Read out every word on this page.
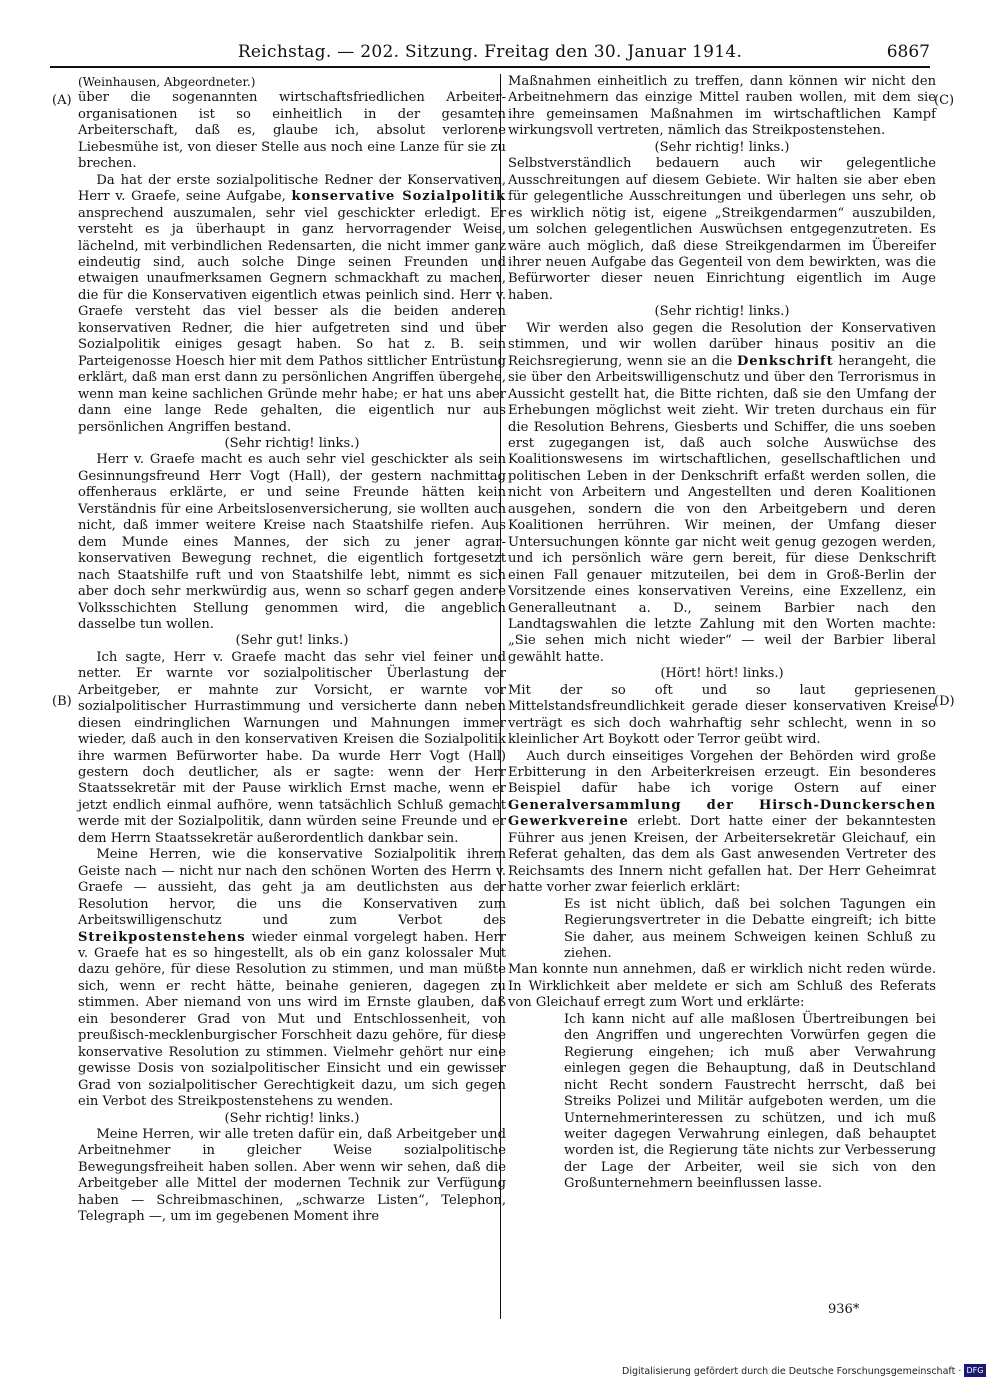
Reichstag. — 202. Sitzung. Freitag den 30. Januar 1914.	6867
(A)
(B)
(C)
(D)

(Weinhausen, Abgeordneter.)

über die sogenannten wirtschaftsfriedlichen Arbeiter-organisationen ist so einheitlich in der gesamten Arbeiterschaft, daß es, glaube ich, absolut verlorene Liebesmühe ist, von dieser Stelle aus noch eine Lanze für sie zu brechen.

Da hat der erste sozialpolitische Redner der Konservativen, Herr v. Graefe, seine Aufgabe, konservative Sozialpolitik ansprechend auszumalen, sehr viel geschickter erledigt. Er versteht es ja überhaupt in ganz hervorragender Weise, lächelnd, mit verbindlichen Redensarten, die nicht immer ganz eindeutig sind, auch solche Dinge seinen Freunden und etwaigen unaufmerksamen Gegnern schmackhaft zu machen, die für die Konservativen eigentlich etwas peinlich sind. Herr v. Graefe versteht das viel besser als die beiden anderen konservativen Redner, die hier aufgetreten sind und über Sozialpolitik einiges gesagt haben. So hat z. B. sein Parteigenosse Hoesch hier mit dem Pathos sittlicher Entrüstung erklärt, daß man erst dann zu persönlichen Angriffen übergehe, wenn man keine sachlichen Gründe mehr habe; er hat uns aber dann eine lange Rede gehalten, die eigentlich nur aus persönlichen Angriffen bestand.

(Sehr richtig! links.)

Herr v. Graefe macht es auch sehr viel geschickter als sein Gesinnungsfreund Herr Vogt (Hall), der gestern nachmittag offenheraus erklärte, er und seine Freunde hätten kein Verständnis für eine Arbeitslosenversicherung, sie wollten auch nicht, daß immer weitere Kreise nach Staatshilfe riefen. Aus dem Munde eines Mannes, der sich zu jener agrar-konservativen Bewegung rechnet, die eigentlich fortgesetzt nach Staatshilfe ruft und von Staatshilfe lebt, nimmt es sich aber doch sehr merkwürdig aus, wenn so scharf gegen andere Volksschichten Stellung genommen wird, die angeblich dasselbe tun wollen.

(Sehr gut! links.)

Ich sagte, Herr v. Graefe macht das sehr viel feiner und netter. Er warnte vor sozialpolitischer Überlastung der Arbeitgeber, er mahnte zur Vorsicht, er warnte vor sozialpolitischer Hurrastimmung und versicherte dann neben diesen eindringlichen Warnungen und Mahnungen immer wieder, daß auch in den konservativen Kreisen die Sozialpolitik ihre warmen Befürworter habe. Da wurde Herr Vogt (Hall) gestern doch deutlicher, als er sagte: wenn der Herr Staatssekretär mit der Pause wirklich Ernst mache, wenn er jetzt endlich einmal aufhöre, wenn tatsächlich Schluß gemacht werde mit der Sozialpolitik, dann würden seine Freunde und er dem Herrn Staatssekretär außerordentlich dankbar sein.

Meine Herren, wie die konservative Sozialpolitik ihrem Geiste nach — nicht nur nach den schönen Worten des Herrn v. Graefe — aussieht, das geht ja am deutlichsten aus der Resolution hervor, die uns die Konservativen zum Arbeitswilligenschutz und zum Verbot des Streikpostenstehens wieder einmal vorgelegt haben. Herr v. Graefe hat es so hingestellt, als ob ein ganz kolossaler Mut dazu gehöre, für diese Resolution zu stimmen, und man müßte sich, wenn er recht hätte, beinahe genieren, dagegen zu stimmen. Aber niemand von uns wird im Ernste glauben, daß ein besonderer Grad von Mut und Entschlossenheit, von preußisch-mecklenburgischer Forschheit dazu gehöre, für diese konservative Resolution zu stimmen. Vielmehr gehört nur eine gewisse Dosis von sozialpolitischer Einsicht und ein gewisser Grad von sozialpolitischer Gerechtigkeit dazu, um sich gegen ein Verbot des Streikpostenstehens zu wenden.

(Sehr richtig! links.)

Meine Herren, wir alle treten dafür ein, daß Arbeitgeber und Arbeitnehmer in gleicher Weise sozialpolitische Bewegungsfreiheit haben sollen. Aber wenn wir sehen, daß die Arbeitgeber alle Mittel der modernen Technik zur Verfügung haben — Schreibmaschinen, „schwarze Listen“, Telephon, Telegraph —, um im gegebenen Moment ihre

Maßnahmen einheitlich zu treffen, dann können wir nicht den Arbeitnehmern das einzige Mittel rauben wollen, mit dem sie ihre gemeinsamen Maßnahmen im wirtschaftlichen Kampf wirkungsvoll vertreten, nämlich das Streikpostenstehen.

(Sehr richtig! links.)

Selbstverständlich bedauern auch wir gelegentliche Ausschreitungen auf diesem Gebiete. Wir halten sie aber eben für gelegentliche Ausschreitungen und überlegen uns sehr, ob es wirklich nötig ist, eigene „Streikgendarmen“ auszubilden, um solchen gelegentlichen Auswüchsen entgegenzutreten. Es wäre auch möglich, daß diese Streikgendarmen im Übereifer ihrer neuen Aufgabe das Gegenteil von dem bewirkten, was die Befürworter dieser neuen Einrichtung eigentlich im Auge haben.

(Sehr richtig! links.)

Wir werden also gegen die Resolution der Konservativen stimmen, und wir wollen darüber hinaus positiv an die Reichsregierung, wenn sie an die Denkschrift herangeht, die sie über den Arbeitswilligenschutz und über den Terrorismus in Aussicht gestellt hat, die Bitte richten, daß sie den Umfang der Erhebungen möglichst weit zieht. Wir treten durchaus ein für die Resolution Behrens, Giesberts und Schiffer, die uns soeben erst zugegangen ist, daß auch solche Auswüchse des Koalitionswesens im wirtschaftlichen, gesellschaftlichen und politischen Leben in der Denkschrift erfaßt werden sollen, die nicht von Arbeitern und Angestellten und deren Koalitionen ausgehen, sondern die von den Arbeitgebern und deren Koalitionen herrühren. Wir meinen, der Umfang dieser Untersuchungen könnte gar nicht weit genug gezogen werden, und ich persönlich wäre gern bereit, für diese Denkschrift einen Fall genauer mitzuteilen, bei dem in Groß-Berlin der Vorsitzende eines konservativen Vereins, eine Exzellenz, ein Generalleutnant a. D., seinem Barbier nach den Landtagswahlen die letzte Zahlung mit den Worten machte: „Sie sehen mich nicht wieder“ — weil der Barbier liberal gewählt hatte.

(Hört! hört! links.)

Mit der so oft und so laut gepriesenen Mittelstandsfreundlichkeit gerade dieser konservativen Kreise verträgt es sich doch wahrhaftig sehr schlecht, wenn in so kleinlicher Art Boykott oder Terror geübt wird.

Auch durch einseitiges Vorgehen der Behörden wird große Erbitterung in den Arbeiterkreisen erzeugt. Ein besonderes Beispiel dafür habe ich vorige Ostern auf einer Generalversammlung der Hirsch-Dunckerschen Gewerkvereine erlebt. Dort hatte einer der bekanntesten Führer aus jenen Kreisen, der Arbeitersekretär Gleichauf, ein Referat gehalten, das dem als Gast anwesenden Vertreter des Reichsamts des Innern nicht gefallen hat. Der Herr Geheimrat hatte vorher zwar feierlich erklärt:

Es ist nicht üblich, daß bei solchen Tagungen ein Regierungsvertreter in die Debatte eingreift; ich bitte Sie daher, aus meinem Schweigen keinen Schluß zu ziehen.

Man konnte nun annehmen, daß er wirklich nicht reden würde. In Wirklichkeit aber meldete er sich am Schluß des Referats von Gleichauf erregt zum Wort und erklärte:

Ich kann nicht auf alle maßlosen Übertreibungen bei den Angriffen und ungerechten Vorwürfen gegen die Regierung eingehen; ich muß aber Verwahrung einlegen gegen die Behauptung, daß in Deutschland nicht Recht sondern Faustrecht herrscht, daß bei Streiks Polizei und Militär aufgeboten werden, um die Unternehmerinteressen zu schützen, und ich muß weiter dagegen Verwahrung einlegen, daß behauptet worden ist, die Regierung täte nichts zur Verbesserung der Lage der Arbeiter, weil sie sich von den Großunternehmern beeinflussen lasse.

936*
Digitalisierung gefördert durch die Deutsche Forschungsgemeinschaft · DFG
